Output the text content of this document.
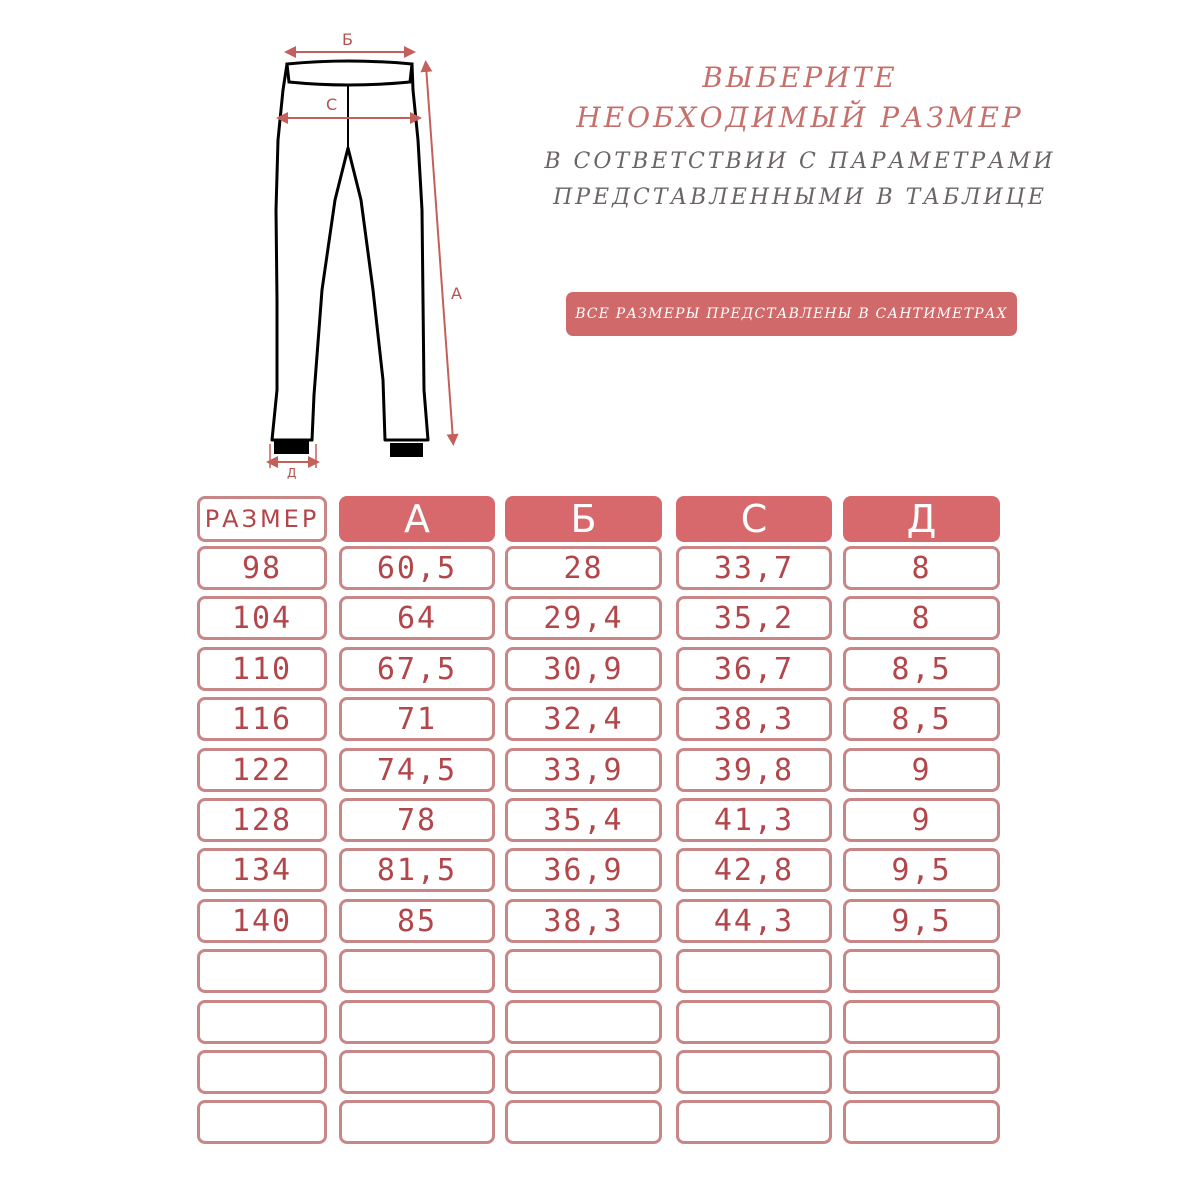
Б
С
А
Д
ВЫБЕРИТЕ
НЕОБХОДИМЫЙ РАЗМЕР
В СОТВЕТСТВИИ С ПАРАМЕТРАМИ
ПРЕДСТАВЛЕННЫМИ В ТАБЛИЦЕ
ВСЕ РАЗМЕРЫ ПРЕДСТАВЛЕНЫ В САНТИМЕТРАХ
РАЗМЕР	А	Б	С	Д
98	60,5	28	33,7	8
104	64	29,4	35,2	8
110	67,5	30,9	36,7	8,5
116	71	32,4	38,3	8,5
122	74,5	33,9	39,8	9
128	78	35,4	41,3	9
134	81,5	36,9	42,8	9,5
140	85	38,3	44,3	9,5
